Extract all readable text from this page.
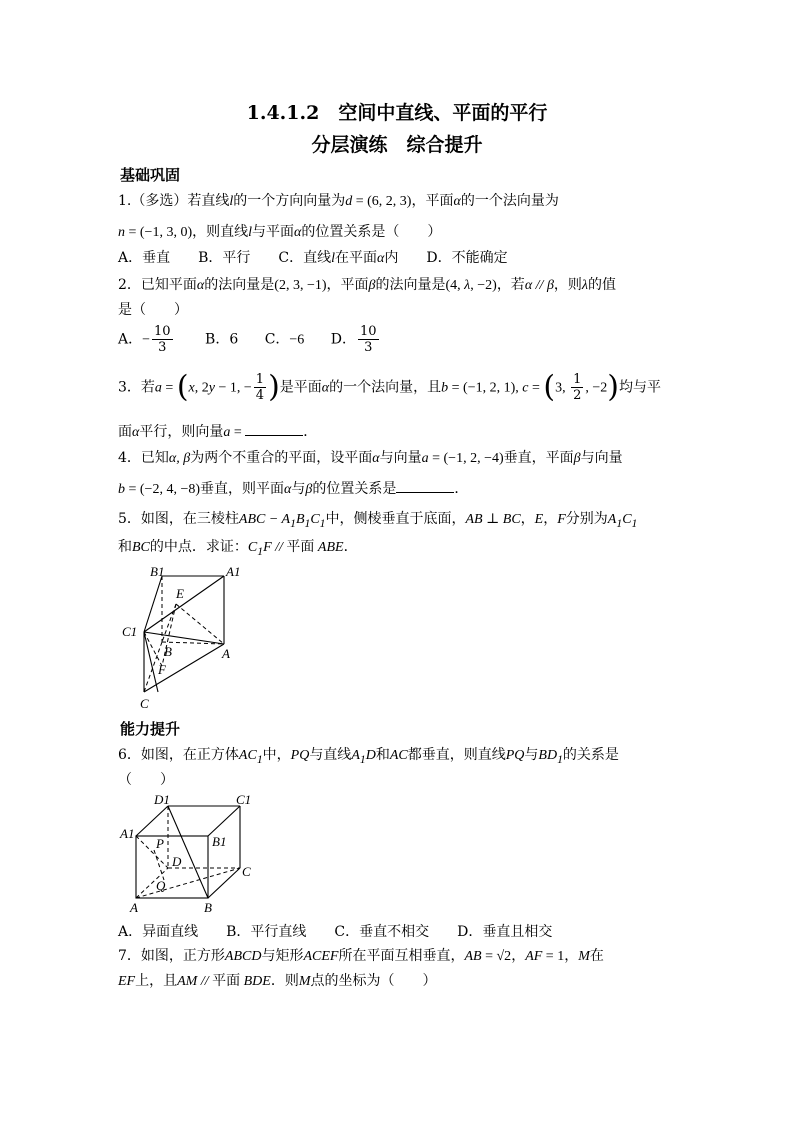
1.4.1.2　空间中直线、平面的平行
分层演练　综合提升
基础巩固
1.（多选）若直线l的一个方向向量为d = (6, 2, 3)，平面α的一个法向量为
n = (−1, 3, 0)，则直线l与平面α的位置关系是（　　）
A．垂直　　B．平行　　C．直线l在平面α内　　D．不能确定
2．已知平面α的法向量是(2, 3, −1)，平面β的法向量是(4, λ, −2)，若α // β，则λ的值
是（　　）
A．− $\frac{10}{3}$ B．6 C．−6 D． $\frac{10}{3}$
3．若a = (x, 2y − 1, − $\frac{1}{4}$ )是平面α的一个法向量，且b = (−1, 2, 1), c = (3, $\frac{1}{2}$ , −2)均与平
面α平行，则向量a =	．
4．已知α, β为两个不重合的平面，设平面α与向量a = (−1, 2, −4)垂直，平面β与向量
b = (−2, 4, −8)垂直，则平面α与β的位置关系是	．
5．如图，在三棱柱ABC − $A_1B_1C_1$中，侧棱垂直于底面，AB ⊥ BC，E，F分别为$A_1C_1$
和BC的中点．求证：$C_1F$ // 平面 ABE．
B1	A1
E
C1
B	A
F
C
能力提升
6．如图，在正方体$AC_1$中，PQ与直线$A_1D$和AC都垂直，则直线PQ与$BD_1$的关系是
（　　）
D1	C1
A1
B1
P
D
Q
C
A	B
A．异面直线　　B．平行直线　　C．垂直不相交　　D．垂直且相交
7．如图，正方形ABCD与矩形ACEF所在平面互相垂直，AB = √2，AF = 1，M在
EF上，且AM // 平面 BDE．则M点的坐标为（　　）
